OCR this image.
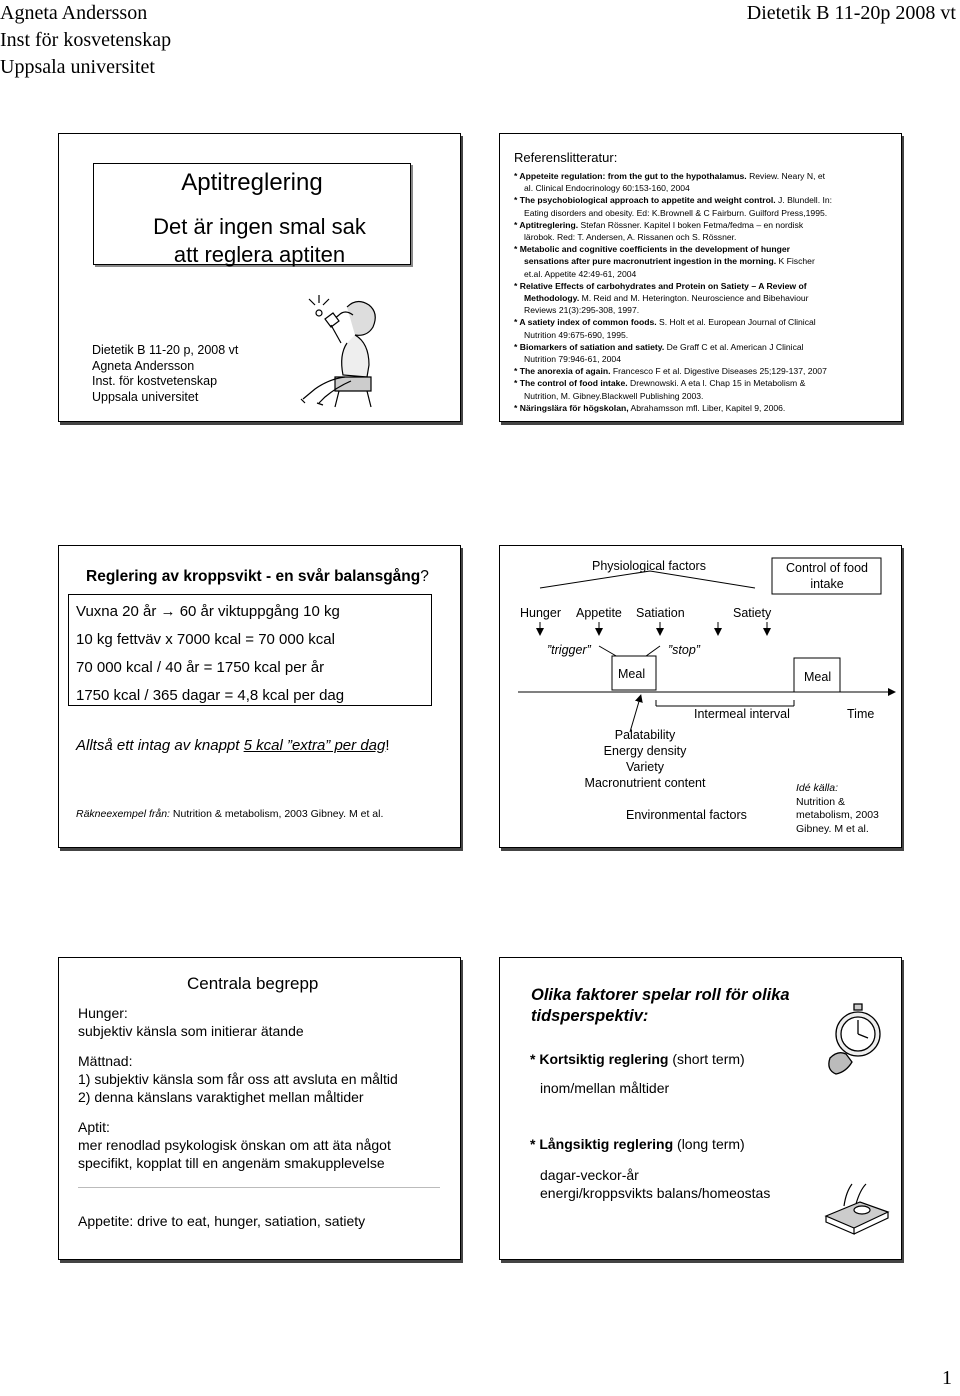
Agneta Andersson
Inst för kosvetenskap
Uppsala universitet
Dietetik B 11-20p 2008 vt
Aptitreglering
Det är ingen smal sak
att reglera aptiten
Dietetik B 11-20 p, 2008 vt
Agneta Andersson
Inst. för kostvetenskap
Uppsala universitet
Referenslitteratur:
* Appeteite regulation: from the gut to the hypothalamus. Review. Neary N, et
al. Clinical Endocrinology 60:153-160, 2004
* The psychobiological approach to appetite and weight control. J. Blundell. In:
Eating disorders and obesity. Ed: K.Brownell & C Fairburn. Guilford Press,1995.
* Aptitreglering. Stefan Rössner. Kapitel I boken Fetma/fedma – en nordisk
lärobok. Red: T. Andersen, A. Rissanen och S. Rössner.
* Metabolic and cognitive coefficients in the development of hunger
sensations after pure macronutrient ingestion in the morning. K Fischer
et.al. Appetite 42:49-61, 2004
* Relative Effects of carbohydrates and Protein on Satiety – A Review of
Methodology. M. Reid and M. Heterington. Neuroscience and Bibehaviour
Reviews 21(3):295-308, 1997.
* A satiety index of common foods. S. Holt et al. European Journal of Clinical
Nutrition 49:675-690, 1995.
* Biomarkers of satiation and satiety. De Graff C et al. American J Clinical
Nutrition 79:946-61, 2004
* The anorexia of again. Francesco F et al. Digestive Diseases 25;129-137, 2007
* The control of food intake. Drewnowski. A eta l. Chap 15 in Metabolism &
Nutrition, M. Gibney.Blackwell Publishing 2003.
* Näringslära för högskolan, Abrahamsson mfl. Liber, Kapitel 9, 2006.
Reglering av kroppsvikt - en svår balansgång?
Vuxna 20 år → 60 år viktuppgång 10 kg
10 kg fettväv x 7000 kcal = 70 000 kcal
70 000 kcal / 40 år = 1750 kcal per år
1750 kcal / 365 dagar = 4,8 kcal per dag
Alltså ett intag av knappt 5 kcal ”extra” per dag!
Räkneexempel från: Nutrition & metabolism, 2003 Gibney. M et al.
Physiological factors	Control of food
intake
Hunger Appetite Satiation	Satiety
”trigger”	”stop”
Meal	Meal
Intermeal interval	Time
Palatability
Energy density
Variety
Macronutrient content
Environmental factors
Idé källa:
Nutrition &
metabolism, 2003
Gibney. M et al.
Centrala begrepp
Hunger:
subjektiv känsla som initierar ätande
Mättnad:
1) subjektiv känsla som får oss att avsluta en måltid
2) denna känslans varaktighet mellan måltider
Aptit:
mer renodlad psykologisk önskan om att äta något
specifikt, kopplat till en angenäm smakupplevelse
Appetite: drive to eat, hunger, satiation, satiety
Olika faktorer spelar roll för olika
tidsperspektiv:
* Kortsiktig reglering (short term)
inom/mellan måltider
* Långsiktig reglering (long term)
dagar-veckor-år
energi/kroppsvikts balans/homeostas
1
